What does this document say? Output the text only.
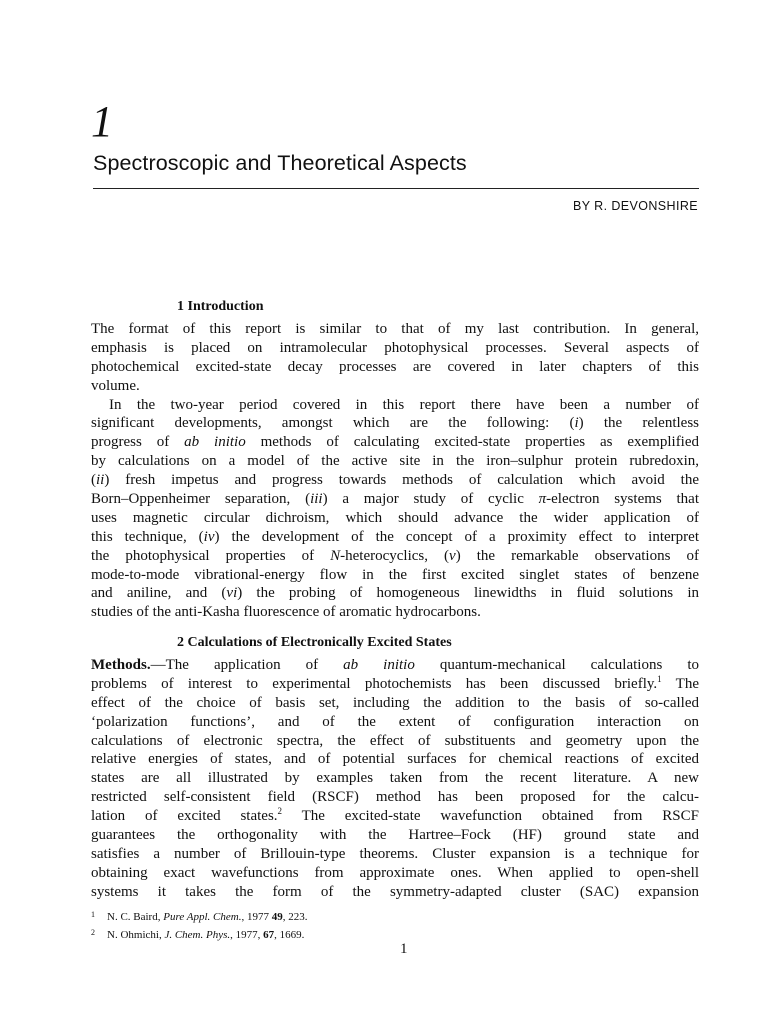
1
Spectroscopic and Theoretical Aspects
BY R. DEVONSHIRE
1 Introduction
The format of this report is similar to that of my last contribution. In general,
emphasis is placed on intramolecular photophysical processes. Several aspects of
photochemical excited-state decay processes are covered in later chapters of this
volume.
In the two-year period covered in this report there have been a number of
significant developments, amongst which are the following: (i) the relentless
progress of ab initio methods of calculating excited-state properties as exemplified
by calculations on a model of the active site in the iron–sulphur protein rubredoxin,
(ii) fresh impetus and progress towards methods of calculation which avoid the
Born–Oppenheimer separation, (iii) a major study of cyclic π-electron systems that
uses magnetic circular dichroism, which should advance the wider application of
this technique, (iv) the development of the concept of a proximity effect to interpret
the photophysical properties of N-heterocyclics, (v) the remarkable observations of
mode-to-mode vibrational-energy flow in the first excited singlet states of benzene
and aniline, and (vi) the probing of homogeneous linewidths in fluid solutions in
studies of the anti-Kasha fluorescence of aromatic hydrocarbons.
2 Calculations of Electronically Excited States
Methods.—The application of ab initio quantum-mechanical calculations to
problems of interest to experimental photochemists has been discussed briefly.$^1$ The
effect of the choice of basis set, including the addition to the basis of so-called
‘polarization functions’, and of the extent of configuration interaction on
calculations of electronic spectra, the effect of substituents and geometry upon the
relative energies of states, and of potential surfaces for chemical reactions of excited
states are all illustrated by examples taken from the recent literature. A new
restricted self-consistent field (RSCF) method has been proposed for the calcu-
lation of excited states.$^2$ The excited-state wavefunction obtained from RSCF
guarantees the orthogonality with the Hartree–Fock (HF) ground state and
satisfies a number of Brillouin-type theorems. Cluster expansion is a technique for
obtaining exact wavefunctions from approximate ones. When applied to open-shell
systems it takes the form of the symmetry-adapted cluster (SAC) expansion
1 N. C. Baird, Pure Appl. Chem., 1977 49, 223.
2 N. Ohmichi, J. Chem. Phys., 1977, 67, 1669.
1
